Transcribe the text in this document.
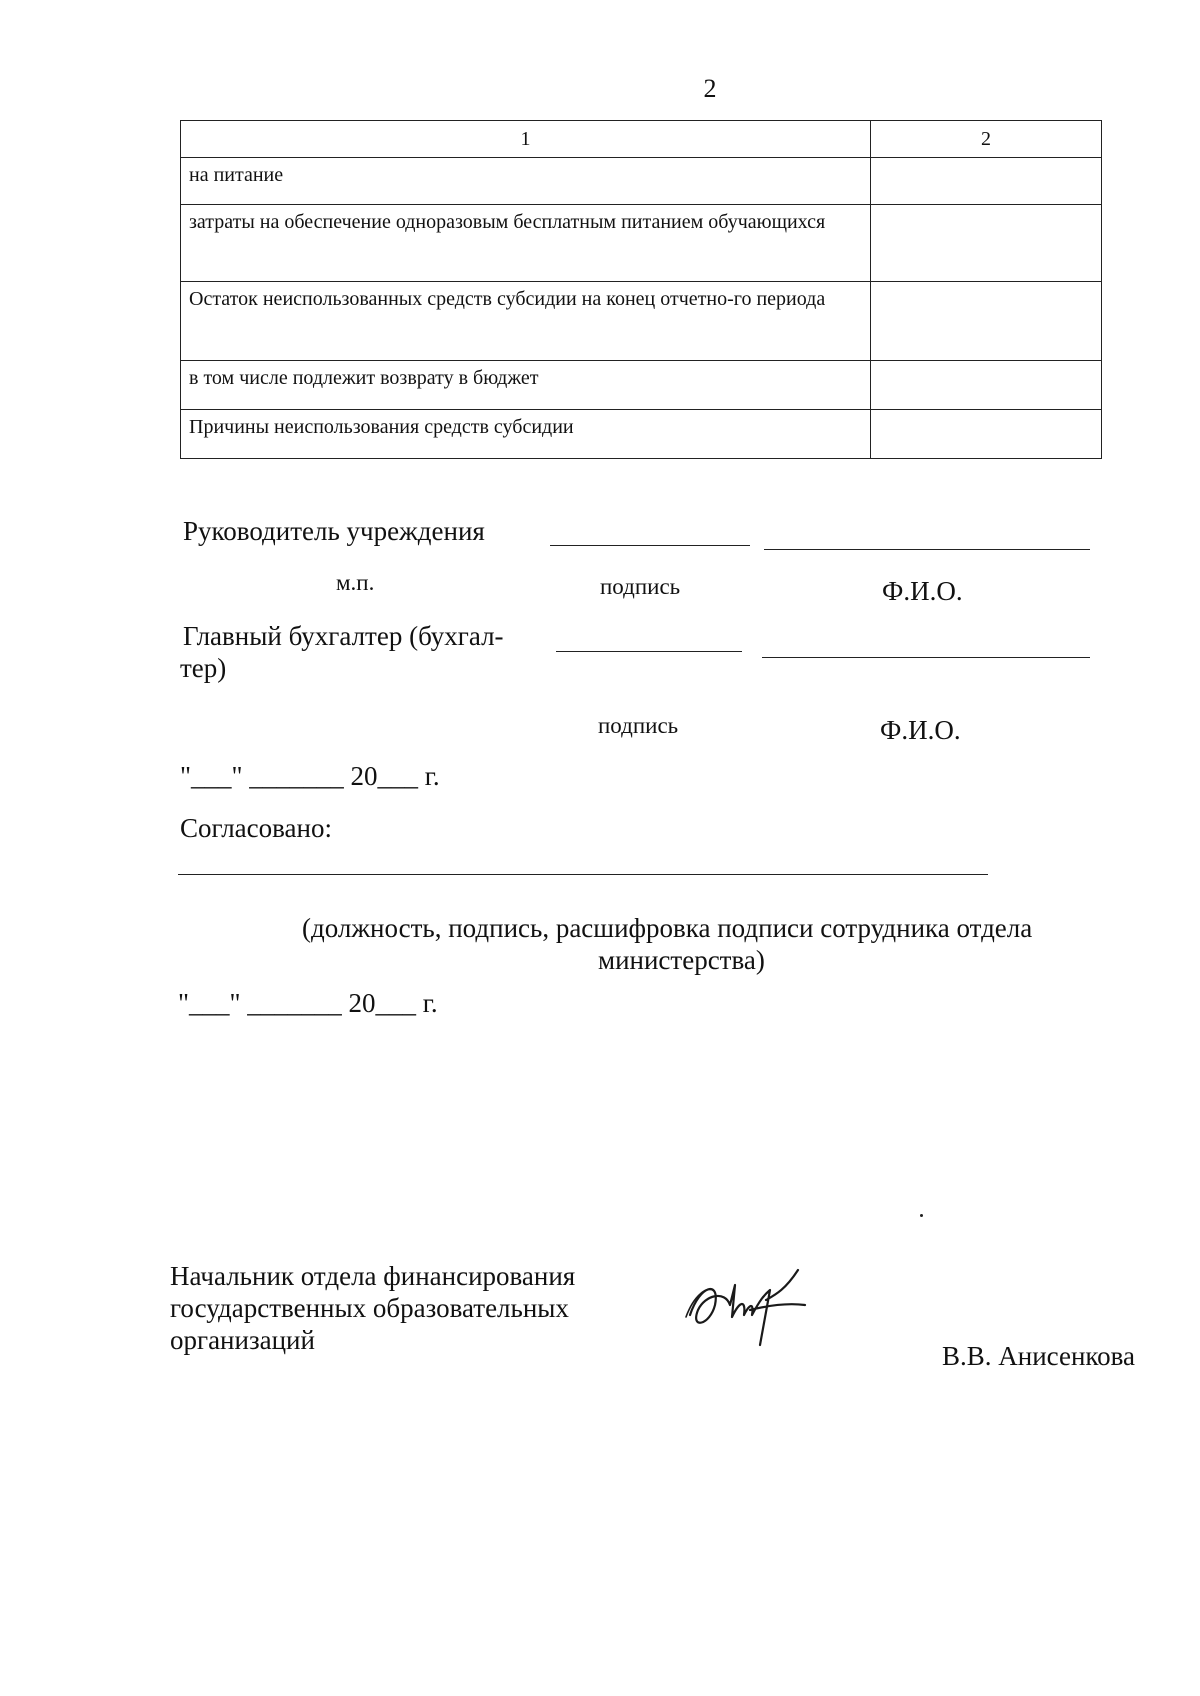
2
1	2
на питание	
затраты на обеспечение одноразовым бесплатным питанием обучающихся	
Остаток неиспользованных средств субсидии на конец отчетно-го периода	
в том числе подлежит возврату в бюджет	
Причины неиспользования средств субсидии	
Руководитель учреждения
м.п.	подпись	Ф.И.О.
Главный бухгалтер (бухгал-
тер)
подпись	Ф.И.О.
"___" _______ 20___ г.
Согласовано:
(должность, подпись, расшифровка подписи сотрудника отдела
министерства)
"___" _______ 20___ г.
Начальник отдела финансирования
государственных образовательных
организаций
В.В. Анисенкова
